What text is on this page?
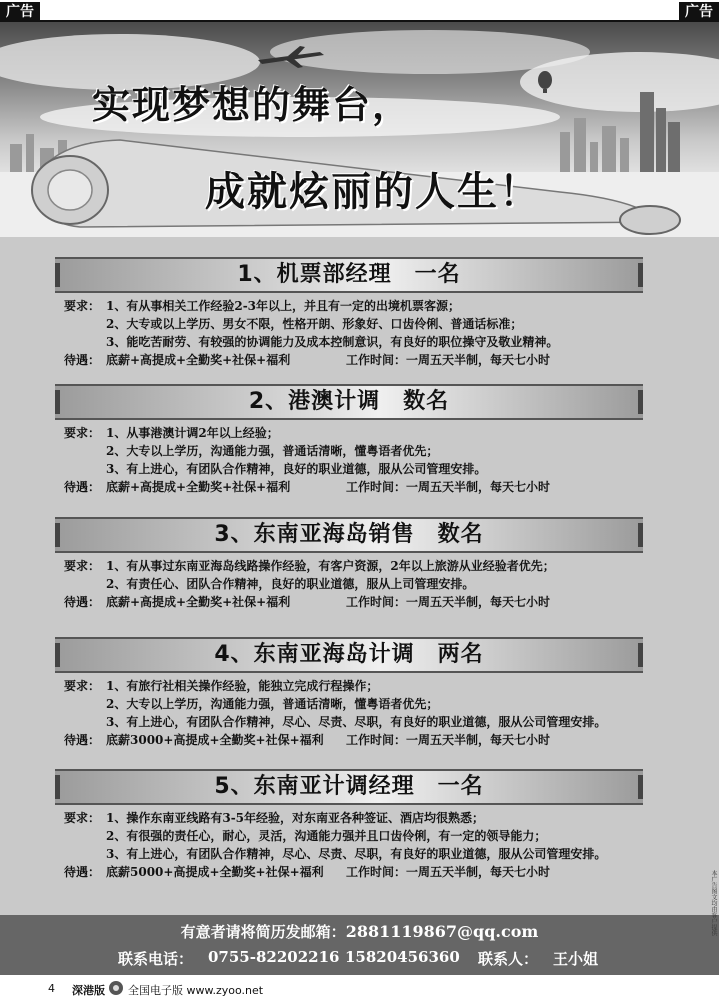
广告	广告
实现梦想的舞台，
成就炫丽的人生！
1、机票部经理　一名
要求： 1、有从事相关工作经验2-3年以上，并且有一定的出境机票客源；
2、大专或以上学历、男女不限，性格开朗、形象好、口齿伶俐、普通话标准；
3、能吃苦耐劳、有较强的协调能力及成本控制意识，有良好的职位操守及敬业精神。
待遇： 底薪+高提成+全勤奖+社保+福利	工作时间：一周五天半制，每天七小时
2、港澳计调　数名
要求： 1、从事港澳计调2年以上经验；
2、大专以上学历，沟通能力强，普通话清晰，懂粤语者优先；
3、有上进心，有团队合作精神，良好的职业道德，服从公司管理安排。
待遇： 底薪+高提成+全勤奖+社保+福利	工作时间：一周五天半制，每天七小时
3、东南亚海岛销售　数名
要求： 1、有从事过东南亚海岛线路操作经验，有客户资源，2年以上旅游从业经验者优先；
2、有责任心、团队合作精神，良好的职业道德，服从上司管理安排。
待遇： 底薪+高提成+全勤奖+社保+福利	工作时间：一周五天半制，每天七小时
4、东南亚海岛计调　两名
要求： 1、有旅行社相关操作经验，能独立完成行程操作；
2、大专以上学历，沟通能力强，普通话清晰，懂粤语者优先；
3、有上进心，有团队合作精神，尽心、尽责、尽职，有良好的职业道德，服从公司管理安排。
待遇： 底薪3000+高提成+全勤奖+社保+福利 工作时间：一周五天半制，每天七小时
5、东南亚计调经理　一名
要求： 1、操作东南亚线路有3-5年经验，对东南亚各种签证、酒店均很熟悉；
2、有很强的责任心，耐心，灵活，沟通能力强并且口齿伶俐，有一定的领导能力；
3、有上进心，有团队合作精神，尽心、尽责、尽职，有良好的职业道德，服从公司管理安排。
待遇： 底薪5000+高提成+全勤奖+社保+福利 工作时间：一周五天半制，每天七小时
有意者请将简历发邮箱：2881119867@qq.com
联系电话： 0755-82202216 15820456360 联系人： 王小姐
4 深港版 全国电子版 www.zyoo.net
本广告图文均由客户提供
